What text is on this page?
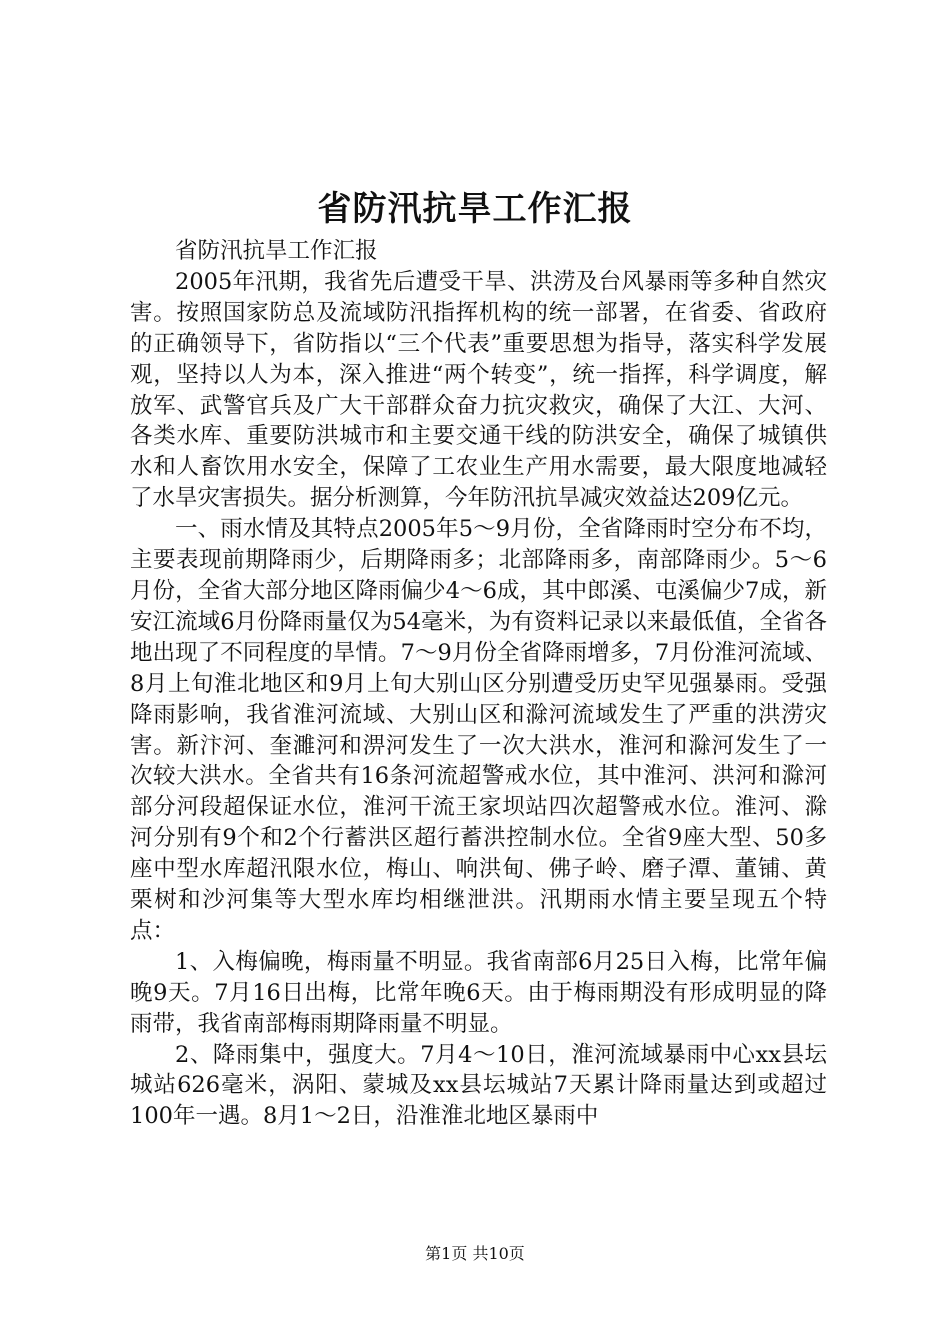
省防汛抗旱工作汇报

省防汛抗旱工作汇报

2005年汛期，我省先后遭受干旱、洪涝及台风暴雨等多种自然灾害。按照国家防总及流域防汛指挥机构的统一部署，在省委、省政府的正确领导下，省防指以“三个代表”重要思想为指导，落实科学发展观，坚持以人为本，深入推进“两个转变”，统一指挥，科学调度，解放军、武警官兵及广大干部群众奋力抗灾救灾，确保了大江、大河、各类水库、重要防洪城市和主要交通干线的防洪安全，确保了城镇供水和人畜饮用水安全，保障了工农业生产用水需要，最大限度地减轻了水旱灾害损失。据分析测算，今年防汛抗旱减灾效益达209亿元。

一、雨水情及其特点2005年5～9月份，全省降雨时空分布不均，主要表现前期降雨少，后期降雨多；北部降雨多，南部降雨少。5～6月份，全省大部分地区降雨偏少4～6成，其中郎溪、屯溪偏少7成，新安江流域6月份降雨量仅为54毫米，为有资料记录以来最低值，全省各地出现了不同程度的旱情。7～9月份全省降雨增多，7月份淮河流域、8月上旬淮北地区和9月上旬大别山区分别遭受历史罕见强暴雨。受强降雨影响，我省淮河流域、大别山区和滁河流域发生了严重的洪涝灾害。新汴河、奎濉河和淠河发生了一次大洪水，淮河和滁河发生了一次较大洪水。全省共有16条河流超警戒水位，其中淮河、洪河和滁河部分河段超保证水位，淮河干流王家坝站四次超警戒水位。淮河、滁河分别有9个和2个行蓄洪区超行蓄洪控制水位。全省9座大型、50多座中型水库超汛限水位，梅山、响洪甸、佛子岭、磨子潭、董铺、黄栗树和沙河集等大型水库均相继泄洪。汛期雨水情主要呈现五个特点：

1、入梅偏晚，梅雨量不明显。我省南部6月25日入梅，比常年偏晚9天。7月16日出梅，比常年晚6天。由于梅雨期没有形成明显的降雨带，我省南部梅雨期降雨量不明显。

2、降雨集中，强度大。7月4～10日，淮河流域暴雨中心xx县坛城站626毫米，涡阳、蒙城及xx县坛城站7天累计降雨量达到或超过100年一遇。8月1～2日，沿淮淮北地区暴雨中

第1页 共10页
